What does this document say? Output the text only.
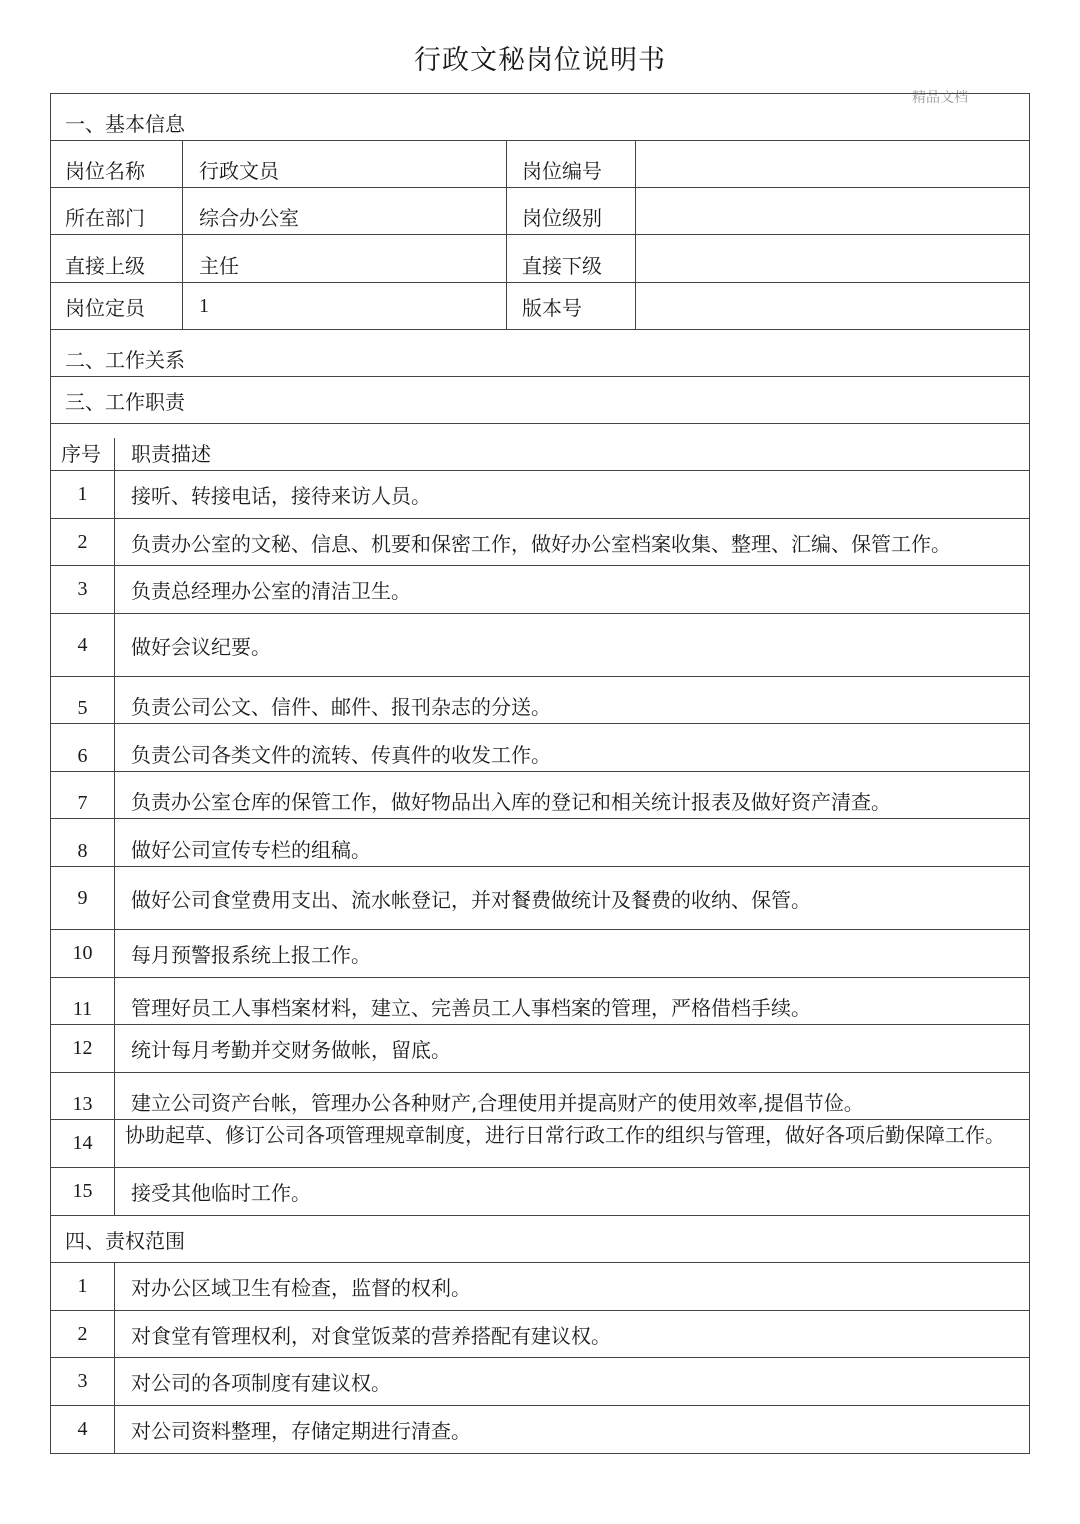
行政文秘岗位说明书
精品文档
一、基本信息
岗位名称	行政文员	岗位编号
所在部门	综合办公室	岗位级别
直接上级	主任	直接下级
岗位定员	1	版本号
二、工作关系
三、工作职责
序号 职责描述
1	接听、转接电话，接待来访人员。
2	负责办公室的文秘、信息、机要和保密工作，做好办公室档案收集、整理、汇编、保管工作。
3	负责总经理办公室的清洁卫生。
4	做好会议纪要。
5	负责公司公文、信件、邮件、报刊杂志的分送。
6	负责公司各类文件的流转、传真件的收发工作。
7	负责办公室仓库的保管工作，做好物品出入库的登记和相关统计报表及做好资产清查。
8	做好公司宣传专栏的组稿。
9	做好公司食堂费用支出、流水帐登记，并对餐费做统计及餐费的收纳、保管。
10	每月预警报系统上报工作。
11	管理好员工人事档案材料，建立、完善员工人事档案的管理，严格借档手续。
12	统计每月考勤并交财务做帐，留底。
13	建立公司资产台帐，管理办公各种财产,合理使用并提高财产的使用效率,提倡节俭。
14	协助起草、修订公司各项管理规章制度，进行日常行政工作的组织与管理，做好各项后勤保障工作。
15	接受其他临时工作。
四、责权范围
1	对办公区域卫生有检查，监督的权利。
2	对食堂有管理权利，对食堂饭菜的营养搭配有建议权。
3	对公司的各项制度有建议权。
4	对公司资料整理，存储定期进行清查。
